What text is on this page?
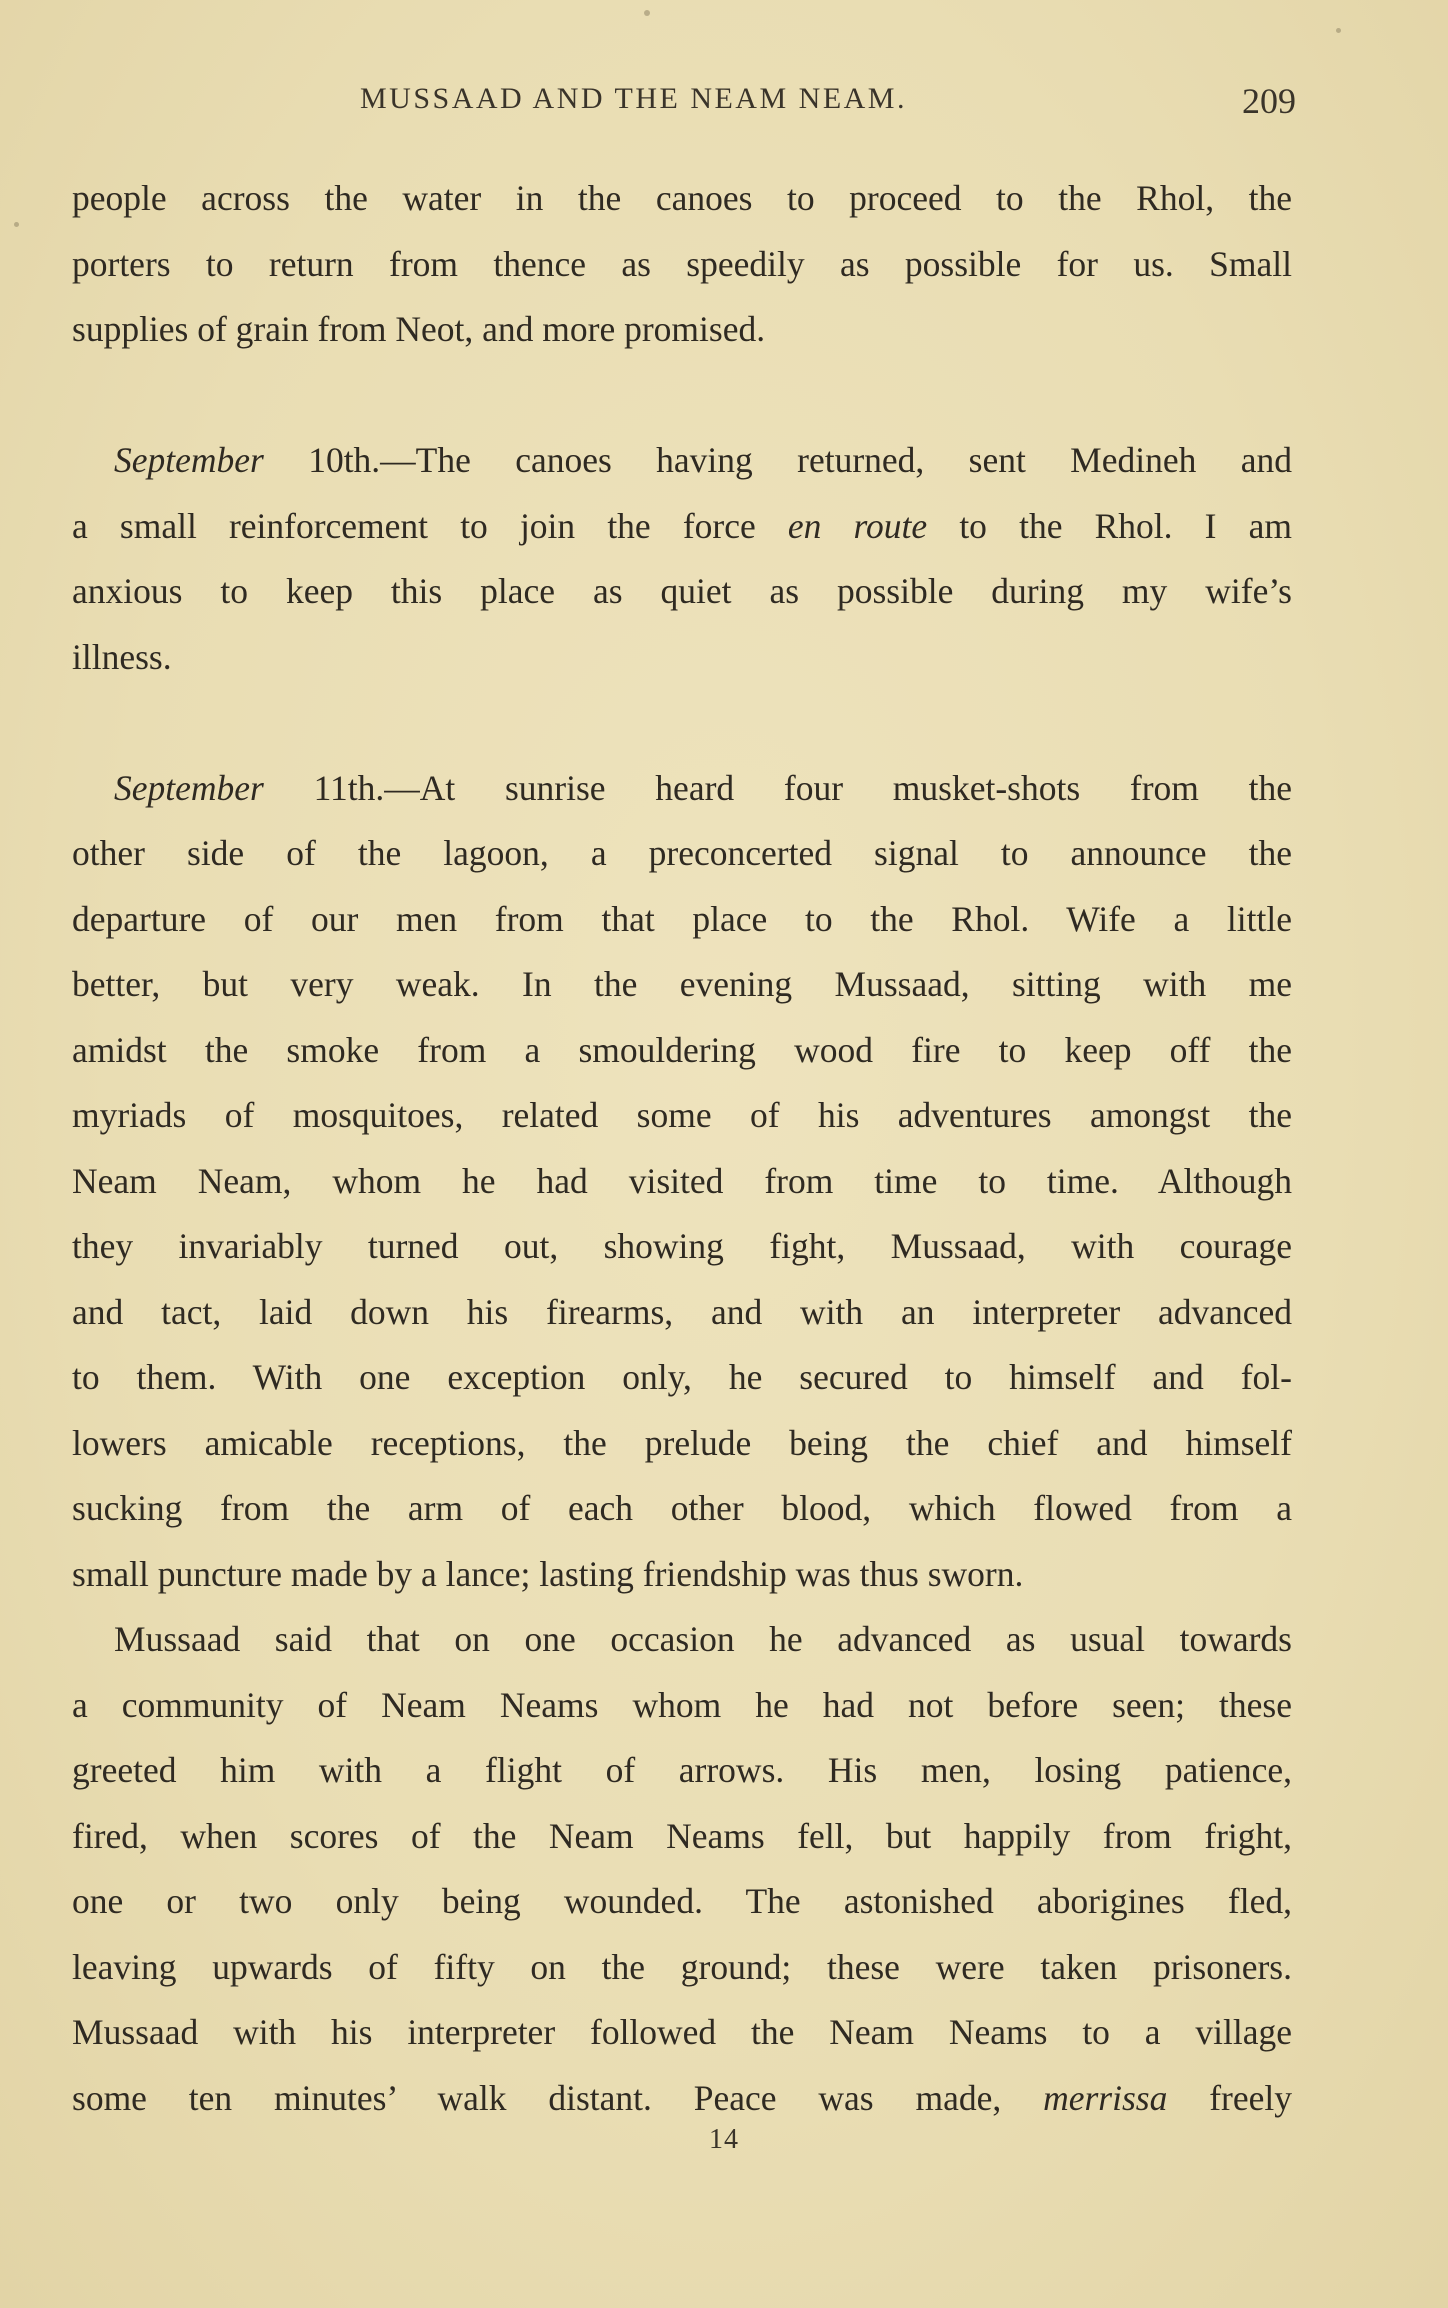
MUSSAAD AND THE NEAM NEAM.	209
people across the water in the canoes to proceed to the Rhol, the
porters to return from thence as speedily as possible for us. Small
supplies of grain from Neot, and more promised.
September 10th.—The canoes having returned, sent Medineh and
a small reinforcement to join the force en route to the Rhol. I am
anxious to keep this place as quiet as possible during my wife’s
illness.
September 11th.—At sunrise heard four musket-shots from the
other side of the lagoon, a preconcerted signal to announce the
departure of our men from that place to the Rhol. Wife a little
better, but very weak. In the evening Mussaad, sitting with me
amidst the smoke from a smouldering wood fire to keep off the
myriads of mosquitoes, related some of his adventures amongst the
Neam Neam, whom he had visited from time to time. Although
they invariably turned out, showing fight, Mussaad, with courage
and tact, laid down his firearms, and with an interpreter advanced
to them. With one exception only, he secured to himself and fol-
lowers amicable receptions, the prelude being the chief and himself
sucking from the arm of each other blood, which flowed from a
small puncture made by a lance; lasting friendship was thus sworn.
Mussaad said that on one occasion he advanced as usual towards
a community of Neam Neams whom he had not before seen; these
greeted him with a flight of arrows. His men, losing patience,
fired, when scores of the Neam Neams fell, but happily from fright,
one or two only being wounded. The astonished aborigines fled,
leaving upwards of fifty on the ground; these were taken prisoners.
Mussaad with his interpreter followed the Neam Neams to a village
some ten minutes’ walk distant. Peace was made, merrissa freely
14
